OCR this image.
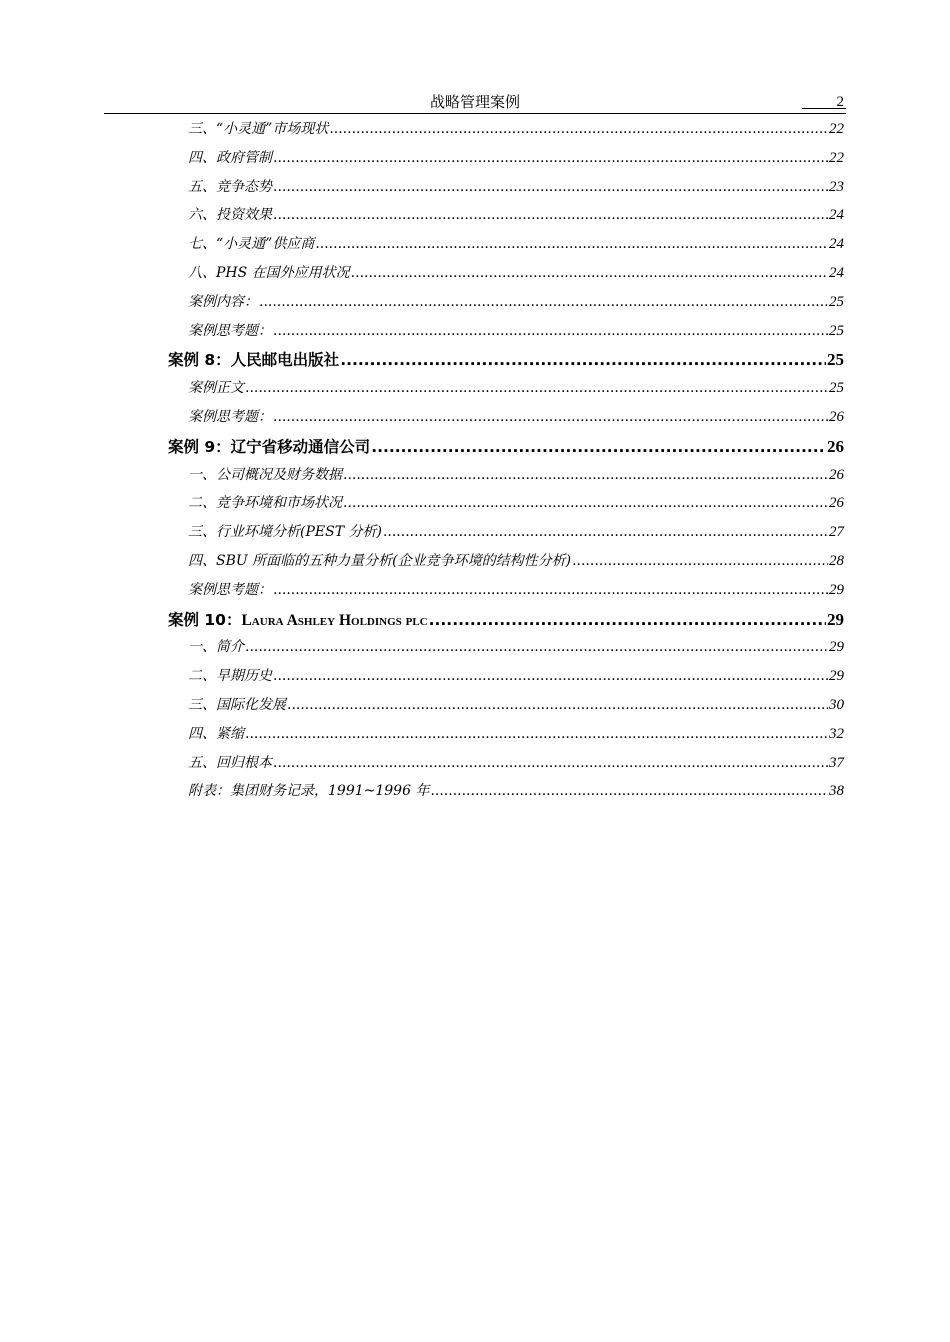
战略管理案例	2
三、“小灵通”市场现状 .....	22
四、政府管制 .....	22
五、竞争态势 .....	23
六、投资效果 .....	24
七、“小灵通”供应商 .....	24
八、PHS 在国外应用状况 .....	24
案例内容： .....	25
案例思考题： .....	25
案例 8：人民邮电出版社 .....	25
案例正文 .....	25
案例思考题： .....	26
案例 9：辽宁省移动通信公司 .....	26
一、公司概况及财务数据 .....	26
二、竞争环境和市场状况 .....	26
三、行业环境分析(PEST 分析) .....	27
四、SBU 所面临的五种力量分析(企业竞争环境的结构性分析) .....	28
案例思考题： .....	29
案例 10： Laura Ashley Holdings plc .....	29
一、简介 .....	29
二、早期历史 .....	29
三、国际化发展 .....	30
四、紧缩 .....	32
五、回归根本 .....	37
附表：集团财务记录，1991~1996 年 .....	38
